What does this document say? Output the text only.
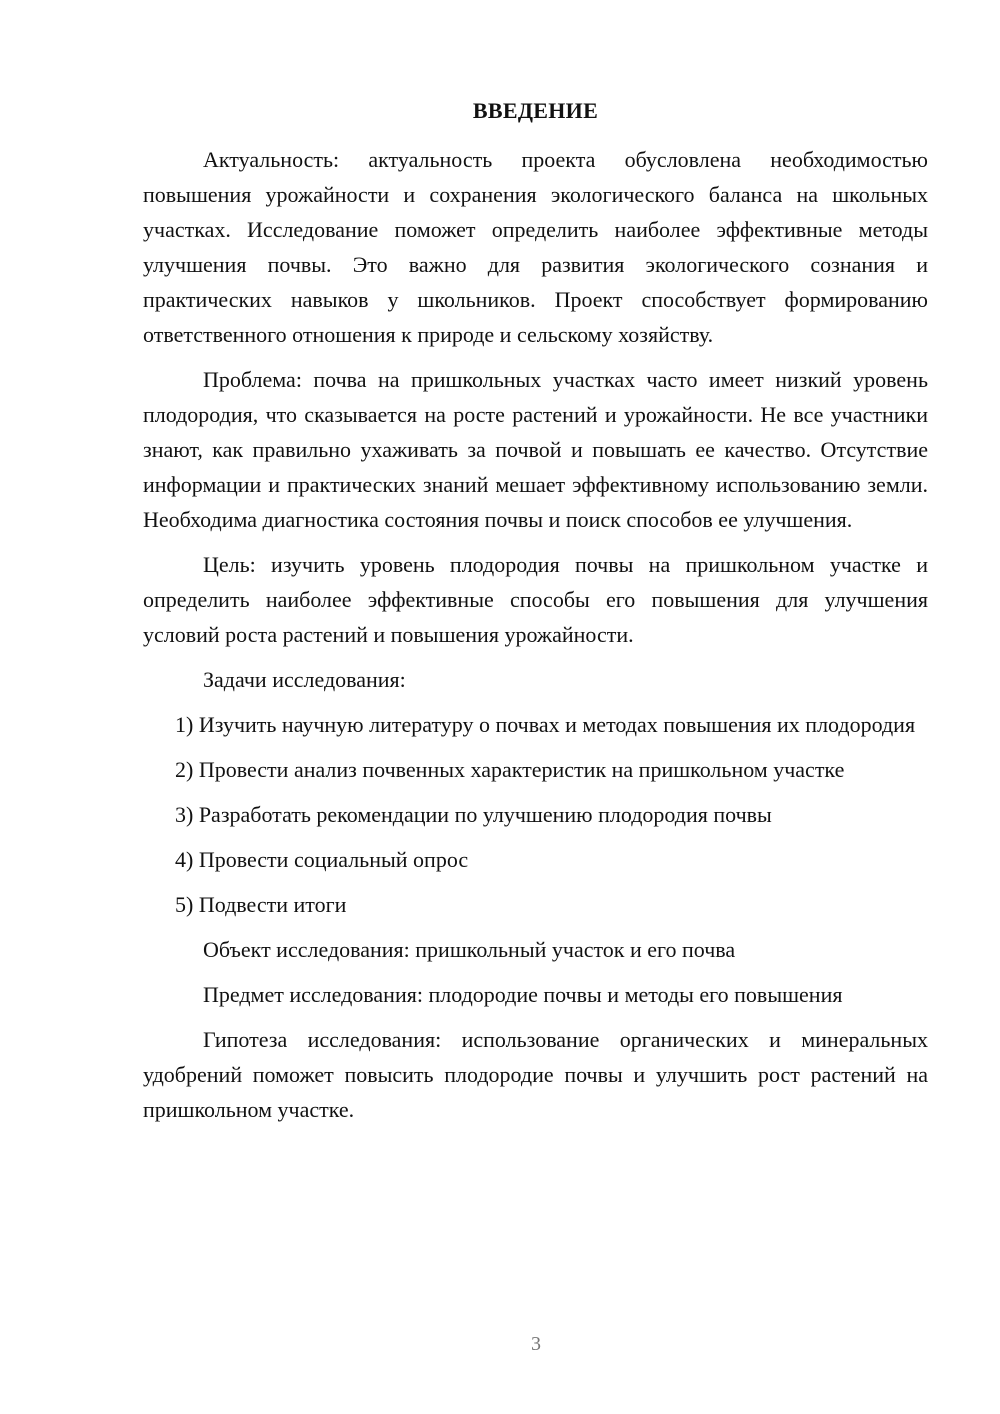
ВВЕДЕНИЕ

Актуальность: актуальность проекта обусловлена необходимостью повышения урожайности и сохранения экологического баланса на школьных участках. Исследование поможет определить наиболее эффективные методы улучшения почвы. Это важно для развития экологического сознания и практических навыков у школьников. Проект способствует формированию ответственного отношения к природе и сельскому хозяйству.

Проблема: почва на пришкольных участках часто имеет низкий уровень плодородия, что сказывается на росте растений и урожайности. Не все участники знают, как правильно ухаживать за почвой и повышать ее качество. Отсутствие информации и практических знаний мешает эффективному использованию земли. Необходима диагностика состояния почвы и поиск способов ее улучшения.

Цель: изучить уровень плодородия почвы на пришкольном участке и определить наиболее эффективные способы его повышения для улучшения условий роста растений и повышения урожайности.

Задачи исследования:

1) Изучить научную литературу о почвах и методах повышения их плодородия

2) Провести анализ почвенных характеристик на пришкольном участке

3) Разработать рекомендации по улучшению плодородия почвы

4) Провести социальный опрос

5) Подвести итоги

Объект исследования: пришкольный участок и его почва

Предмет исследования: плодородие почвы и методы его повышения

Гипотеза исследования: использование органических и минеральных удобрений поможет повысить плодородие почвы и улучшить рост растений на пришкольном участке.

3
